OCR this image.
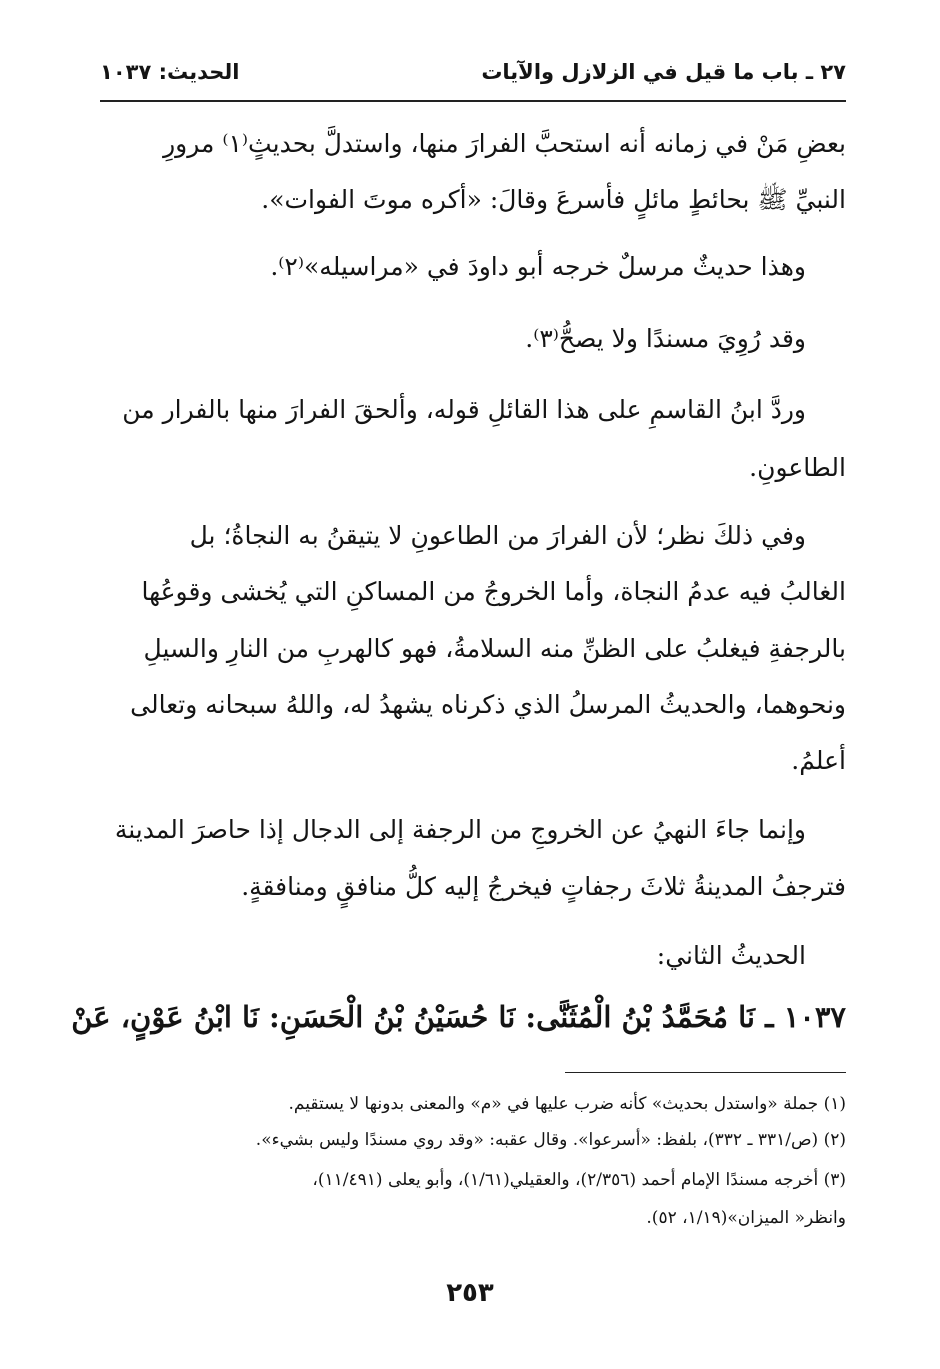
٢٧ ـ باب ما قيل في الزلازل والآيات
الحديث: ١٠٣٧
بعضِ مَنْ في زمانه أنه استحبَّ الفرارَ منها، واستدلَّ بحديثٍ⁽١⁾ مرورِ
النبيِّ ﷺ بحائطٍ مائلٍ فأسرعَ وقالَ: «أكره موتَ الفوات».
وهذا حديثٌ مرسلٌ خرجه أبو داودَ في «مراسيله»⁽٢⁾.
وقد رُوِيَ مسندًا ولا يصحُّ⁽٣⁾.
وردَّ ابنُ القاسمِ على هذا القائلِ قوله، وألحقَ الفرارَ منها بالفرار من
الطاعونِ.
وفي ذلكَ نظر؛ لأن الفرارَ من الطاعونِ لا يتيقنُ به النجاةُ؛ بل
الغالبُ فيه عدمُ النجاة، وأما الخروجُ من المساكنِ التي يُخشى وقوعُها
بالرجفةِ فيغلبُ على الظنِّ منه السلامةُ، فهو كالهربِ من النارِ والسيلِ
ونحوهما، والحديثُ المرسلُ الذي ذكرناه يشهدُ له، واللهُ سبحانه وتعالى
أعلمُ.
وإنما جاءَ النهيُ عن الخروجِ من الرجفة إلى الدجال إذا حاصرَ المدينة
فترجفُ المدينةُ ثلاثَ رجفاتٍ فيخرجُ إليه كلُّ منافقٍ ومنافقةٍ.
الحديثُ الثاني:
١٠٣٧ ـ نَا مُحَمَّدُ بْنُ الْمُثَنَّى: نَا حُسَيْنُ بْنُ الْحَسَنِ: نَا ابْنُ عَوْنٍ، عَنْ
(١) جملة «واستدل بحديث» كأنه ضرب عليها في «م» والمعنى بدونها لا يستقيم.
(٢) (ص/٣٣١ ـ ٣٣٢)، بلفظ: «أسرعوا». وقال عقبه: «وقد روي مسندًا وليس بشيء».
(٣) أخرجه مسندًا الإمام أحمد (٢/٣٥٦)، والعقيلي(١/٦١)، وأبو يعلى (١١/٤٩١)،
وانظر« الميزان»(١/١٩، ٥٢).
٢٥٣
